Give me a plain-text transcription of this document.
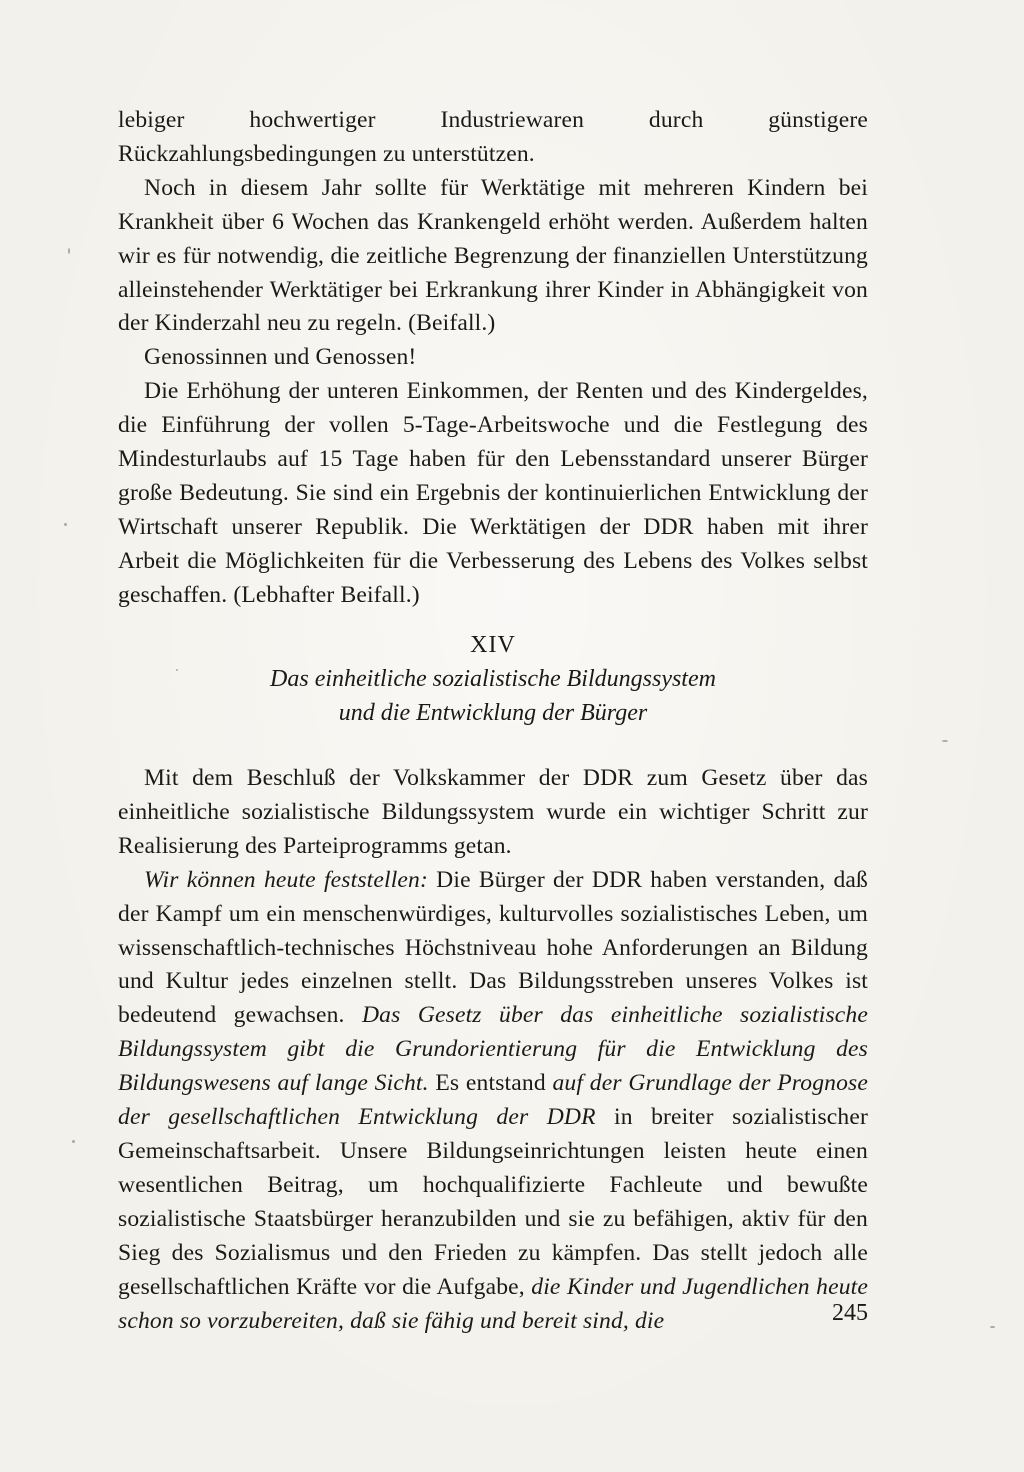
lebiger hochwertiger Industriewaren durch günstigere Rückzahlungsbedingungen zu unterstützen.

Noch in diesem Jahr sollte für Werktätige mit mehreren Kindern bei Krankheit über 6 Wochen das Krankengeld erhöht werden. Außerdem halten wir es für notwendig, die zeitliche Begrenzung der finanziellen Unterstützung alleinstehender Werktätiger bei Erkrankung ihrer Kinder in Abhängigkeit von der Kinderzahl neu zu regeln. (Beifall.)

Genossinnen und Genossen!

Die Erhöhung der unteren Einkommen, der Renten und des Kindergeldes, die Einführung der vollen 5-Tage-Arbeitswoche und die Festlegung des Mindesturlaubs auf 15 Tage haben für den Lebensstandard unserer Bürger große Bedeutung. Sie sind ein Ergebnis der kontinuierlichen Entwicklung der Wirtschaft unserer Republik. Die Werktätigen der DDR haben mit ihrer Arbeit die Möglichkeiten für die Verbesserung des Lebens des Volkes selbst geschaffen. (Lebhafter Beifall.)

XIV
Das einheitliche sozialistische Bildungssystem
und die Entwicklung der Bürger

Mit dem Beschluß der Volkskammer der DDR zum Gesetz über das einheitliche sozialistische Bildungssystem wurde ein wichtiger Schritt zur Realisierung des Parteiprogramms getan.

Wir können heute feststellen: Die Bürger der DDR haben verstanden, daß der Kampf um ein menschenwürdiges, kulturvolles sozialistisches Leben, um wissenschaftlich-technisches Höchstniveau hohe Anforderungen an Bildung und Kultur jedes einzelnen stellt. Das Bildungsstreben unseres Volkes ist bedeutend gewachsen. Das Gesetz über das einheitliche sozialistische Bildungssystem gibt die Grundorientierung für die Entwicklung des Bildungswesens auf lange Sicht. Es entstand auf der Grundlage der Prognose der gesellschaftlichen Entwicklung der DDR in breiter sozialistischer Gemeinschaftsarbeit. Unsere Bildungseinrichtungen leisten heute einen wesentlichen Beitrag, um hochqualifizierte Fachleute und bewußte sozialistische Staatsbürger heranzubilden und sie zu befähigen, aktiv für den Sieg des Sozialismus und den Frieden zu kämpfen. Das stellt jedoch alle gesellschaftlichen Kräfte vor die Aufgabe, die Kinder und Jugendlichen heute schon so vorzubereiten, daß sie fähig und bereit sind, die	245
